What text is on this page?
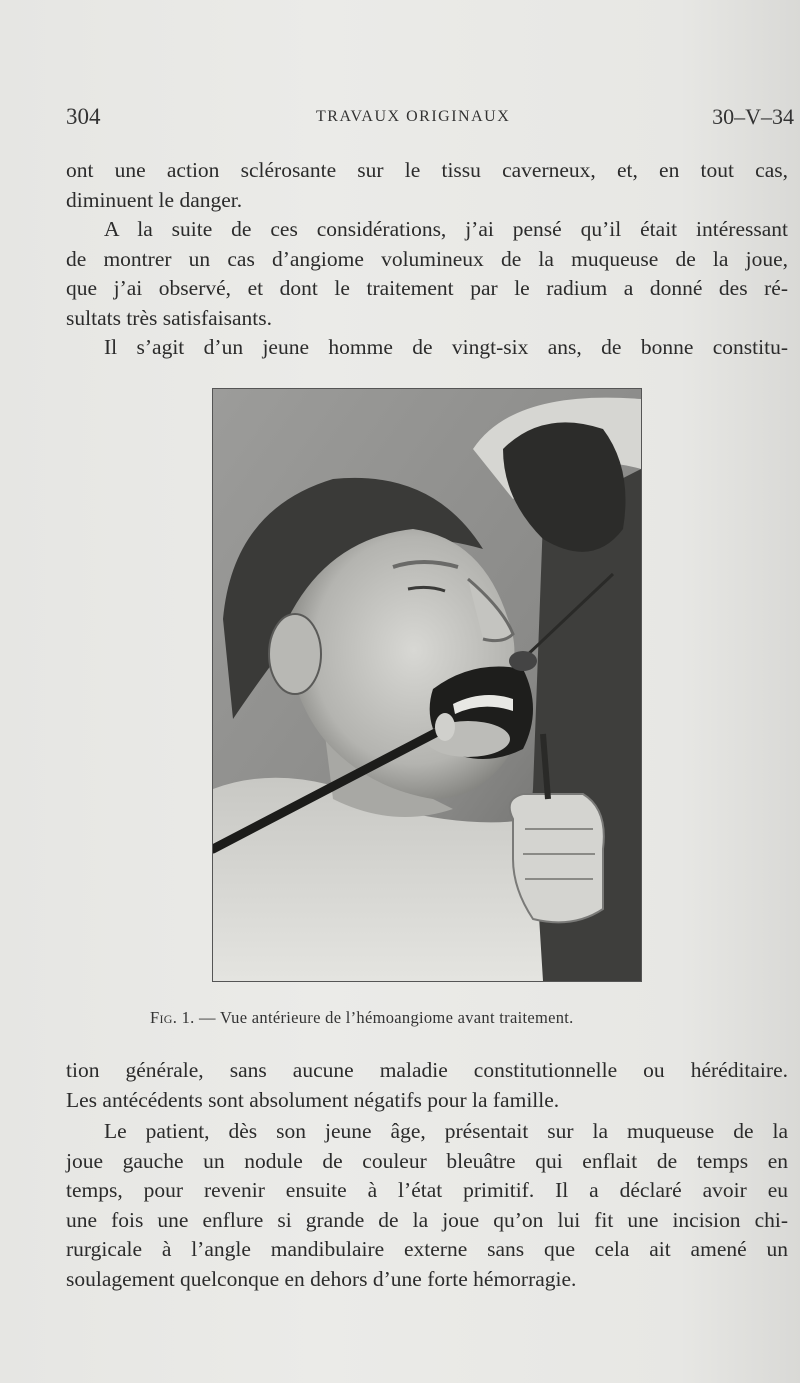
304	TRAVAUX ORIGINAUX	30–V–34
ont une action sclérosante sur le tissu caverneux, et, en tout cas,
diminuent le danger.
A la suite de ces considérations, j’ai pensé qu’il était intéressant
de montrer un cas d’angiome volumineux de la muqueuse de la joue,
que j’ai observé, et dont le traitement par le radium a donné des ré-
sultats très satisfaisants.
Il s’agit d’un jeune homme de vingt-six ans, de bonne constitu-
Fig. 1. — Vue antérieure de l’hémoangiome avant traitement.
tion générale, sans aucune maladie constitutionnelle ou héréditaire.
Les antécédents sont absolument négatifs pour la famille.
Le patient, dès son jeune âge, présentait sur la muqueuse de la
joue gauche un nodule de couleur bleuâtre qui enflait de temps en
temps, pour revenir ensuite à l’état primitif. Il a déclaré avoir eu
une fois une enflure si grande de la joue qu’on lui fit une incision chi-
rurgicale à l’angle mandibulaire externe sans que cela ait amené un
soulagement quelconque en dehors d’une forte hémorragie.
